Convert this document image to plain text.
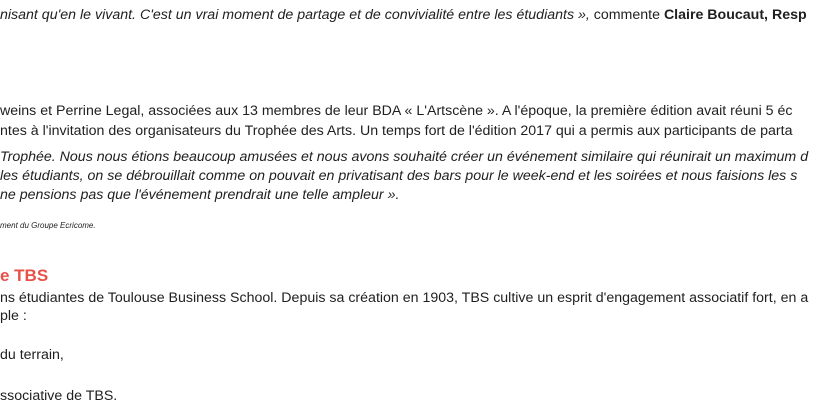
nisant qu'en le vivant. C'est un vrai moment de partage et de convivialité entre les étudiants », commente Claire Boucaut, Resp

weins et Perrine Legal, associées aux 13 membres de leur BDA « L'Artscène ». A l'époque, la première édition avait réuni 5 éc

ntes à l'invitation des organisateurs du Trophée des Arts. Un temps fort de l'édition 2017 qui a permis aux participants de parta

Trophée. Nous nous étions beaucoup amusées et nous avons souhaité créer un événement similaire qui réunirait un maximum d

les étudiants, on se débrouillait comme on pouvait en privatisant des bars pour le week-end et les soirées et nous faisions les s

ne pensions pas que l'événement prendrait une telle ampleur ».

ment du Groupe Ecricome.

e TBS

ns étudiantes de Toulouse Business School. Depuis sa création en 1903, TBS cultive un esprit d'engagement associatif fort, en a

ple :

du terrain,

ssociative de TBS.
